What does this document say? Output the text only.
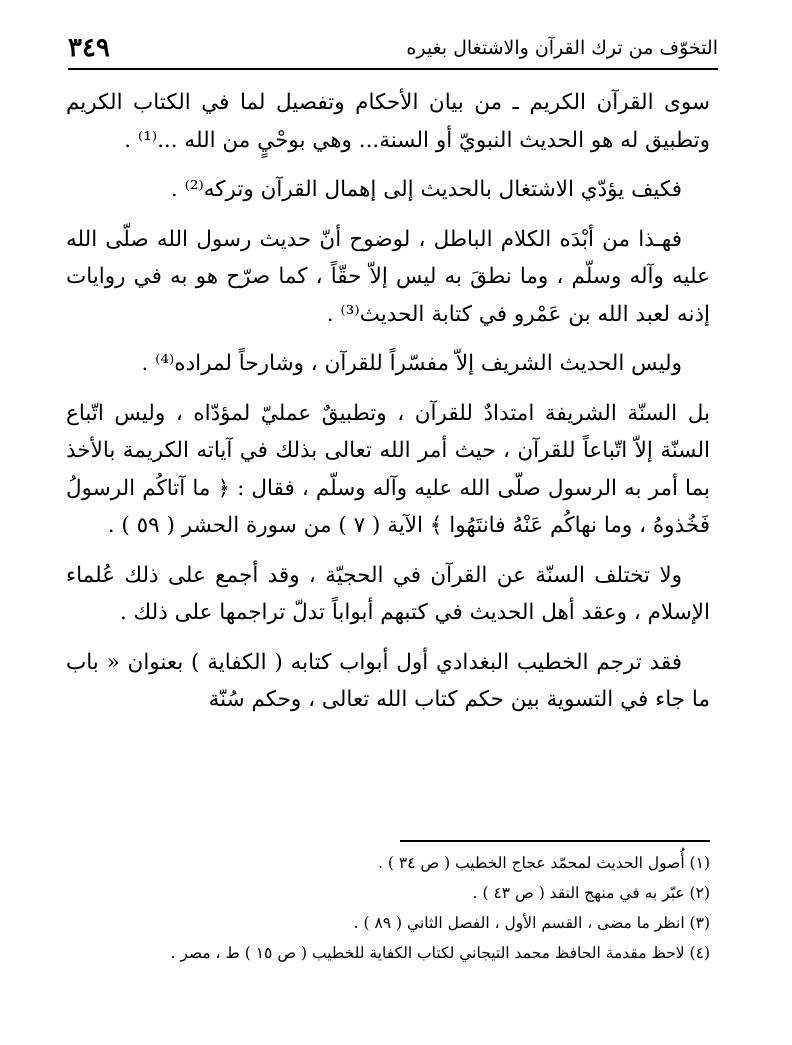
التخوّف من ترك القرآن والاشتغال بغيره
٣٤٩

سوى القرآن الكريم ـ من بيان الأحكام وتفصيل لما في الكتاب الكريم وتطبيق له هو الحديث النبويّ أو السنة... وهي بوحْيٍ من الله ...⁽¹⁾ .

فكيف يؤدّي الاشتغال بالحديث إلى إهمال القرآن وتركه⁽²⁾ .

فهـذا من أبْدَه الكلام الباطل ، لوضوح أنّ حديث رسول الله صلّى الله عليه وآله وسلّم ، وما نطقَ به ليس إلاّ حقّاً ، كما صرّح هو به في روايات إذنه لعبد الله بن عَمْرو في كتابة الحديث⁽³⁾ .

وليس الحديث الشريف إلاّ مفسّراً للقرآن ، وشارحاً لمراده⁽⁴⁾ .

بل السنّة الشريفة امتدادٌ للقرآن ، وتطبيقٌ عمليّ لمؤدّاه ، وليس اتّباع السنّة إلاّ اتّباعاً للقرآن ، حيث أمر الله تعالى بذلك في آياته الكريمة بالأخذ بما أمر به الرسول صلّى الله عليه وآله وسلّم ، فقال : ﴿ ما آتاكُم الرسولُ فَخُذوهُ ، وما نهاكُم عَنْهُ فانتَهُوا ﴾ الآية ( ٧ ) من سورة الحشر ( ٥٩ ) .

ولا تختلف السنّة عن القرآن في الحجيّة ، وقد أجمع على ذلك عُلماء الإسلام ، وعقد أهل الحديث في كتبهم أبواباً تدلّ تراجمها على ذلك .

فقد ترجم الخطيب البغدادي أول أبواب كتابه ( الكفاية ) بعنوان « باب ما جاء في التسوية بين حكم كتاب الله تعالى ، وحكم سُنّة

(١) أُصول الحديث لمحمّد عجاج الخطيب ( ص ٣٤ ) .

(٢) عبّر به في منهج النقد ( ص ٤٣ ) .

(٣) انظر ما مضى ، القسم الأول ، الفصل الثاني ( ٨٩ ) .

(٤) لاحظ مقدمة الحافظ محمد التيجاني لكتاب الكفاية للخطيب ( ص ١٥ ) ط ، مصر .
